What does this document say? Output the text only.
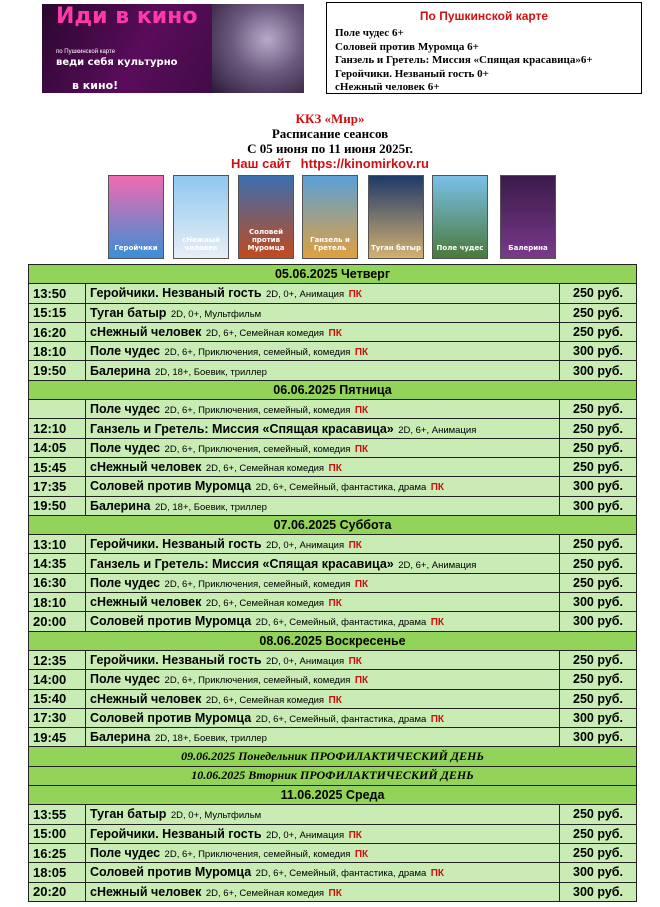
Иди в кино
по Пушкинской карте
веди себя культурно
в кино!
По Пушкинской карте
Поле чудес 6+
Соловей против Муромца 6+
Ганзель и Гретель: Миссия «Спящая красавица»6+
Геройчики. Незваный гость 0+
сНежный человек 6+
ККЗ «Мир»
Расписание сеансов
С 05 июня по 11 июня 2025г.
Наш сайт https://kinomirkov.ru
Геройчики
сНежный человек
Соловей против Муромца
Ганзель и Гретель	Туган батыр Поле чудес	Балерина
05.06.2025 Четверг		
13:50	Геройчики. Незваный гость 2D, 0+, Анимация ПК	250 руб.
15:15	Туган батыр 2D, 0+, Мультфильм	250 руб.
16:20	сНежный человек 2D, 6+, Семейная комедия ПК	250 руб.
18:10	Поле чудес 2D, 6+, Приключения, семейный, комедия ПК	300 руб.
19:50	Балерина 2D, 18+, Боевик, триллер	300 руб.
06.06.2025 Пятница		
	Поле чудес 2D, 6+, Приключения, семейный, комедия ПК	250 руб.
12:10	Ганзель и Гретель: Миссия «Спящая красавица» 2D, 6+, Анимация	250 руб.
14:05	Поле чудес 2D, 6+, Приключения, семейный, комедия ПК	250 руб.
15:45	сНежный человек 2D, 6+, Семейная комедия ПК	250 руб.
17:35	Соловей против Муромца 2D, 6+, Семейный, фантастика, драма ПК	300 руб.
19:50	Балерина 2D, 18+, Боевик, триллер	300 руб.
07.06.2025 Суббота		
13:10	Геройчики. Незваный гость 2D, 0+, Анимация ПК	250 руб.
14:35	Ганзель и Гретель: Миссия «Спящая красавица» 2D, 6+, Анимация	250 руб.
16:30	Поле чудес 2D, 6+, Приключения, семейный, комедия ПК	250 руб.
18:10	сНежный человек 2D, 6+, Семейная комедия ПК	300 руб.
20:00	Соловей против Муромца 2D, 6+, Семейный, фантастика, драма ПК	300 руб.
08.06.2025 Воскресенье		
12:35	Геройчики. Незваный гость 2D, 0+, Анимация ПК	250 руб.
14:00	Поле чудес 2D, 6+, Приключения, семейный, комедия ПК	250 руб.
15:40	сНежный человек 2D, 6+, Семейная комедия ПК	250 руб.
17:30	Соловей против Муромца 2D, 6+, Семейный, фантастика, драма ПК	300 руб.
19:45	Балерина 2D, 18+, Боевик, триллер	300 руб.
09.06.2025 Понедельник ПРОФИЛАКТИЧЕСКИЙ ДЕНЬ		
10.06.2025 Вторник ПРОФИЛАКТИЧЕСКИЙ ДЕНЬ		
11.06.2025 Среда		
13:55	Туган батыр 2D, 0+, Мультфильм	250 руб.
15:00	Геройчики. Незваный гость 2D, 0+, Анимация ПК	250 руб.
16:25	Поле чудес 2D, 6+, Приключения, семейный, комедия ПК	250 руб.
18:05	Соловей против Муромца 2D, 6+, Семейный, фантастика, драма ПК	300 руб.
20:20	сНежный человек 2D, 6+, Семейная комедия ПК	300 руб.
